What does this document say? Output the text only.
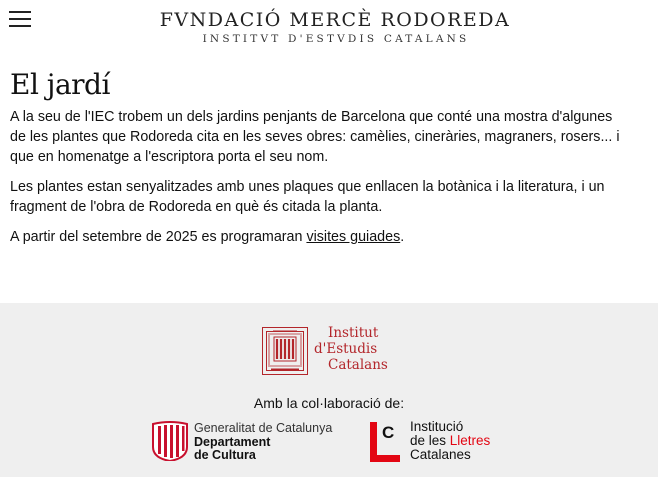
FVNDACIÓ MERCÈ RODOREDA
INSTITVT D'ESTVDIS CATALANS
El jardí

A la seu de l'IEC trobem un dels jardins penjants de Barcelona que conté una mostra d'algunes de les plantes que Rodoreda cita en les seves obres: camèlies, cineràries, magraners, rosers... i que en homenatge a l'escriptora porta el seu nom.

Les plantes estan senyalitzades amb unes plaques que enllacen la botànica i la literatura, i un fragment de l'obra de Rodoreda en què és citada la planta.

A partir del setembre de 2025 es programaran visites guiades.

Institut
d'Estudis
Catalans
Amb la col·laboració de:
Generalitat de Catalunya
Departament
de Cultura
C Institució
de les Lletres
Catalanes
